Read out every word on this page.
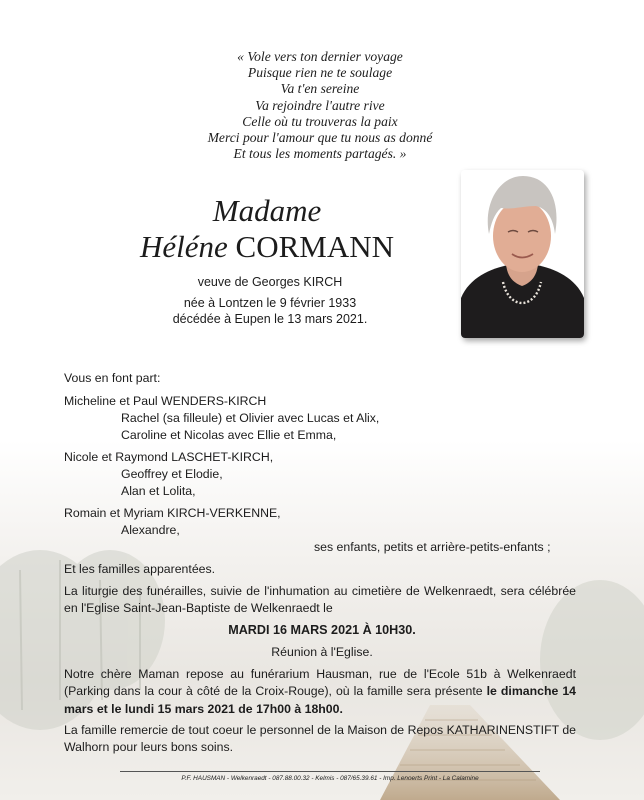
« Vole vers ton dernier voyage
Puisque rien ne te soulage
Va t'en sereine
Va rejoindre l'autre rive
Celle où tu trouveras la paix
Merci pour l'amour que tu nous as donné
Et tous les moments partagés. »
Madame
Héléne CORMANN
veuve de Georges KIRCH
née à Lontzen le 9 février 1933
décédée à Eupen le 13 mars 2021.
Vous en font part:
Micheline et Paul WENDERS-KIRCH
Rachel (sa filleule) et Olivier avec Lucas et Alix,
Caroline et Nicolas avec Ellie et Emma,
Nicole et Raymond LASCHET-KIRCH,
Geoffrey et Elodie,
Alan et Lolita,
Romain et Myriam KIRCH-VERKENNE,
Alexandre,
ses enfants, petits et arrière-petits-enfants ;
Et les familles apparentées.
La liturgie des funérailles, suivie de l'inhumation au cimetière de Welkenraedt, sera célébrée en l'Eglise Saint-Jean-Baptiste de Welkenraedt le
MARDI 16 MARS 2021 À 10H30.
Réunion à l'Eglise.
Notre chère Maman repose au funérarium Hausman, rue de l'Ecole 51b à Welkenraedt (Parking dans la cour à côté de la Croix-Rouge), où la famille sera présente le dimanche 14 mars et le lundi 15 mars 2021 de 17h00 à 18h00.
La famille remercie de tout coeur le personnel de la Maison de Repos KATHARINENSTIFT de Walhorn pour leurs bons soins.
P.F. HAUSMAN - Welkenraedt - 087.88.00.32 - Kelmis - 087/65.39.61 - Imp. Lenoerts Print - La Calamine
